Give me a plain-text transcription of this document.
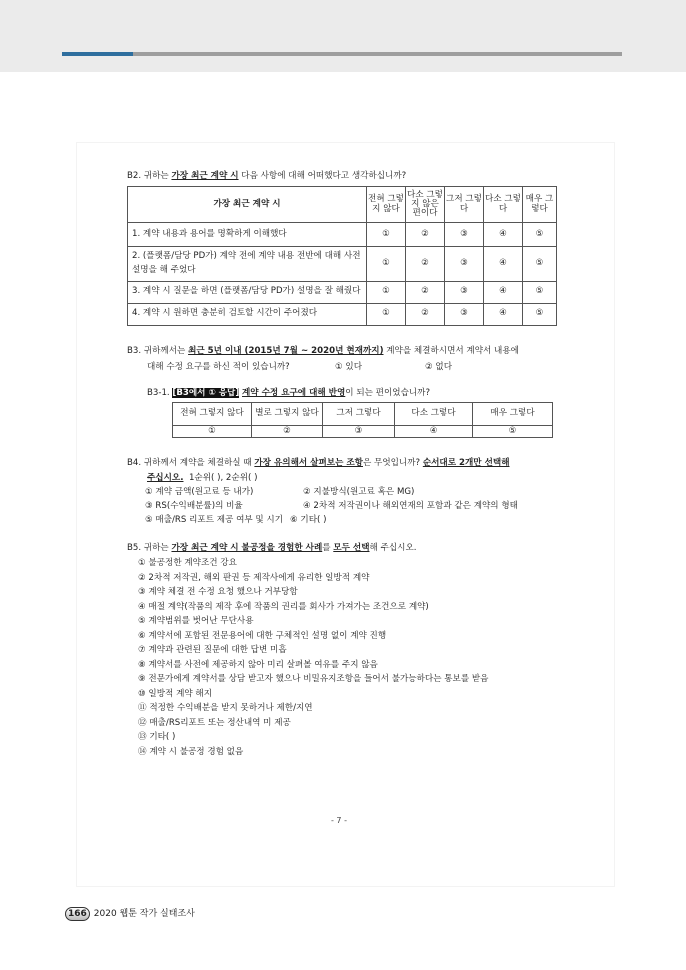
B2. 귀하는 가장 최근 계약 시 다음 사항에 대해 어떠했다고 생각하십니까?
가장 최근 계약 시	전혀 그렇지 않다	다소 그렇지 않은 편이다	그저 그렇다	다소 그렇다	매우 그렇다
1. 계약 내용과 용어를 명확하게 이해했다	①	②	③	④	⑤
2. (플랫폼/담당 PD가) 계약 전에 계약 내용 전반에 대해 사전 설명을 해 주었다	①	②	③	④	⑤
3. 계약 시 질문을 하면 (플랫폼/담당 PD가) 설명을 잘 해줬다	①	②	③	④	⑤
4. 계약 시 원하면 충분히 검토할 시간이 주어졌다	①	②	③	④	⑤
B3. 귀하께서는 최근 5년 이내 (2015년 7월 ~ 2020년 현재까지) 계약을 체결하시면서 계약서 내용에
대해 수정 요구를 하신 적이 있습니까?	① 있다	② 없다
B3-1. [B3에서 ① 응답] 계약 수정 요구에 대해 반영이 되는 편이었습니까?
전혀 그렇지 않다	별로 그렇지 않다	그저 그렇다	다소 그렇다	매우 그렇다
①	②	③	④	⑤
B4. 귀하께서 계약을 체결하실 때 가장 유의해서 살펴보는 조항은 무엇입니까? 순서대로 2개만 선택해
주십시오. 1순위( ), 2순위( )
① 계약 금액(원고료 등 내가)	② 지불방식(원고료 혹은 MG)
③ RS(수익배분률)의 비율	④ 2차적 저작권이나 해외연재의 포함과 같은 계약의 형태
⑤ 매출/RS 리포트 제공 여부 및 시기 ⑥ 기타( )
B5. 귀하는 가장 최근 계약 시 불공정을 경험한 사례를 모두 선택해 주십시오.
① 불공정한 계약조건 강요
② 2차적 저작권, 해외 판권 등 제작사에게 유리한 일방적 계약
③ 계약 체결 전 수정 요청 했으나 거부당함
④ 매절 계약(작품의 제작 후에 작품의 권리를 회사가 가져가는 조건으로 계약)
⑤ 계약범위를 벗어난 무단사용
⑥ 계약서에 포함된 전문용어에 대한 구체적인 설명 없이 계약 진행
⑦ 계약과 관련된 질문에 대한 답변 미흡
⑧ 계약서를 사전에 제공하지 않아 미리 살펴볼 여유를 주지 않음
⑨ 전문가에게 계약서를 상담 받고자 했으나 비밀유지조항을 들어서 불가능하다는 통보를 받음
⑩ 일방적 계약 해지
⑪ 적정한 수익배분을 받지 못하거나 제한/지연
⑫ 매출/RS리포트 또는 정산내역 미 제공
⑬ 기타( )
⑭ 계약 시 불공정 경험 없음
- 7 -
166 2020 웹툰 작가 실태조사
